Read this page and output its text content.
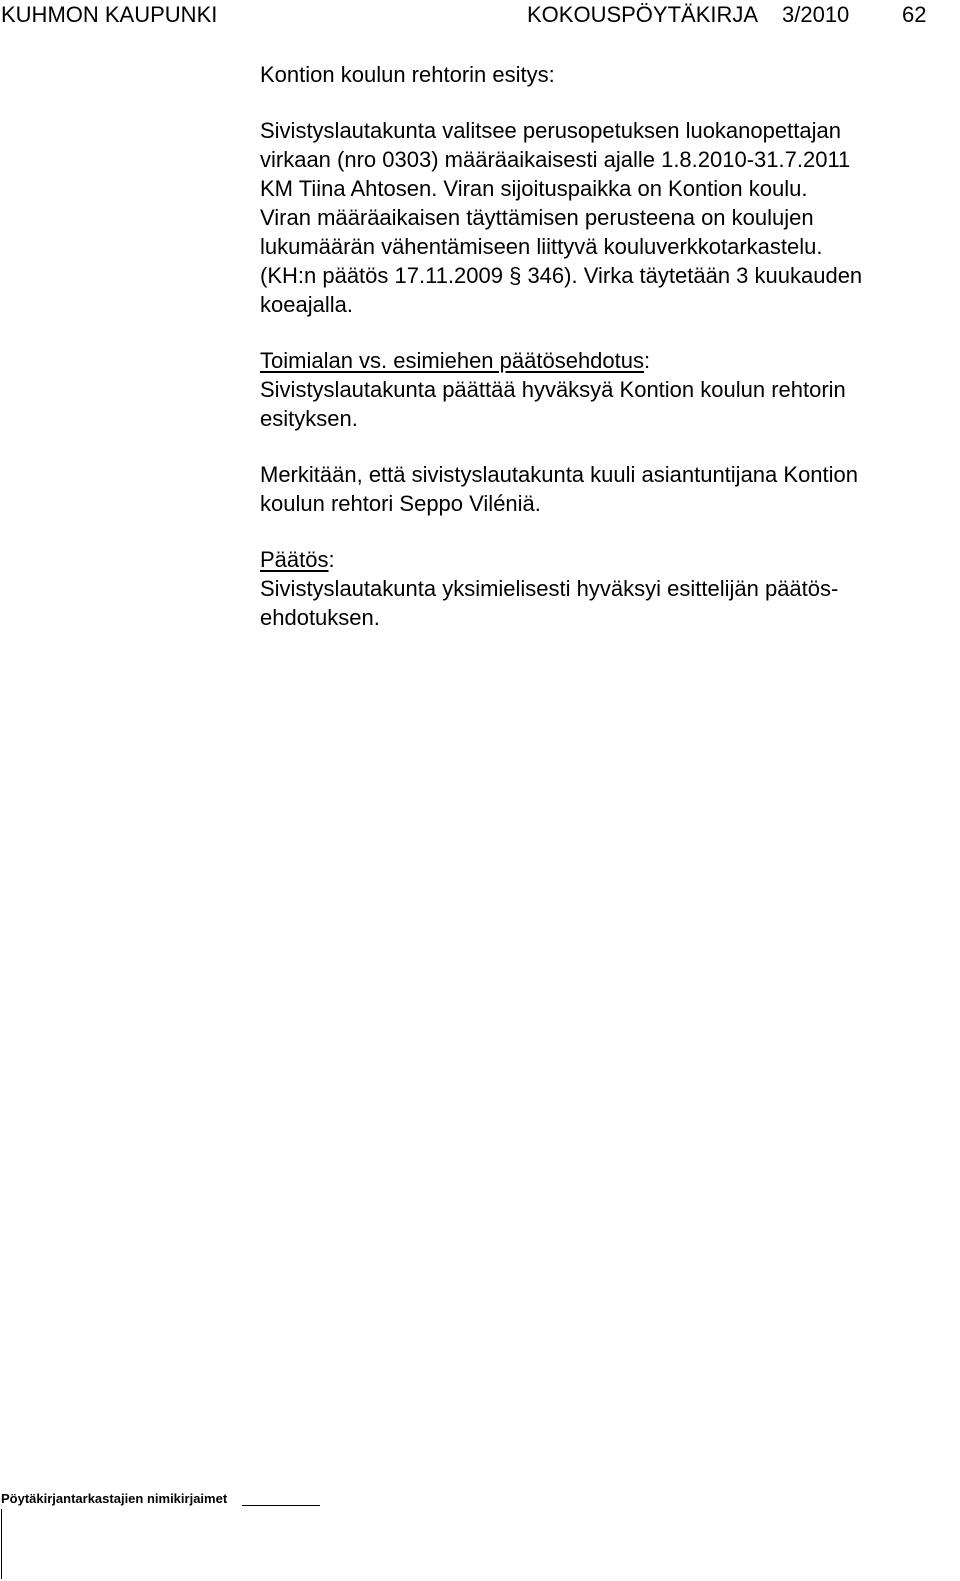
KUHMON KAUPUNKI	KOKOUSPÖYTÄKIRJA 3/2010 62

Kontion koulun rehtorin esitys:

Sivistyslautakunta valitsee perusopetuksen luokanopettajan
virkaan (nro 0303) määräaikaisesti ajalle 1.8.2010-31.7.2011
KM Tiina Ahtosen. Viran sijoituspaikka on Kontion koulu.
Viran määräaikaisen täyttämisen perusteena on koulujen
lukumäärän vähentämiseen liittyvä kouluverkkotarkastelu.
(KH:n päätös 17.11.2009 § 346). Virka täytetään 3 kuukauden
koeajalla.

Toimialan vs. esimiehen päätösehdotus:
Sivistyslautakunta päättää hyväksyä Kontion koulun rehtorin
esityksen.

Merkitään, että sivistyslautakunta kuuli asiantuntijana Kontion
koulun rehtori Seppo Viléniä.

Päätös:
Sivistyslautakunta yksimielisesti hyväksyi esittelijän päätös-
ehdotuksen.

Pöytäkirjantarkastajien nimikirjaimet
